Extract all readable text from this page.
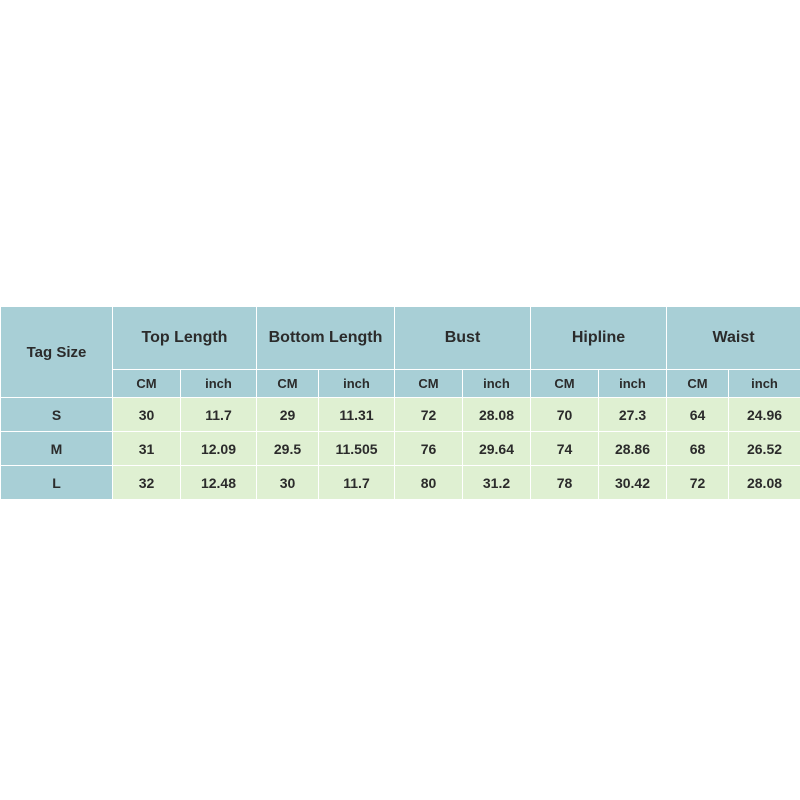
Tag Size	Top Length		Bottom Length		Bust		Hipline		Waist	
	CM	inch	CM	inch	CM	inch	CM	inch	CM	inch
S	30	11.7	29	11.31	72	28.08	70	27.3	64	24.96
M	31	12.09	29.5	11.505	76	29.64	74	28.86	68	26.52
L	32	12.48	30	11.7	80	31.2	78	30.42	72	28.08
